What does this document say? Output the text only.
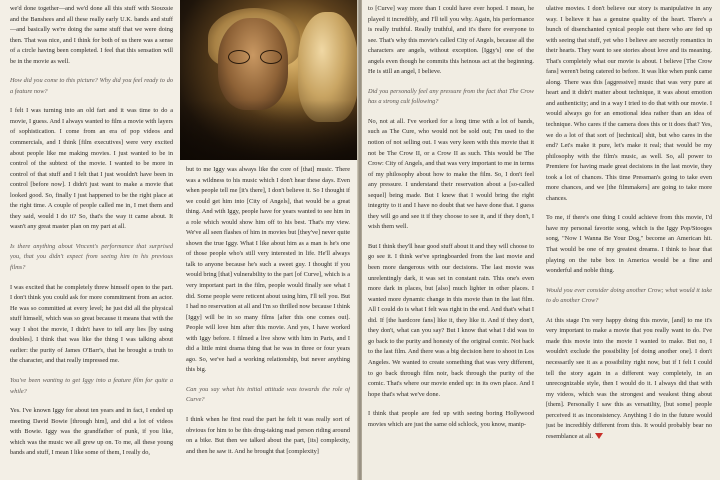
we'd done together—and we'd done all this stuff with Siouxsie and the Banshees and all these really early U.K. bands and stuff—and basically we're doing the same stuff that we were doing then. That was nice, and I think for both of us there was a sense of a circle having been completed. I feel that this sensation will be in the movie as well.

How did you come to this picture? Why did you feel ready to do a feature now?

I felt I was turning into an old fart and it was time to do a movie, I guess. And I always wanted to film a movie with layers of sophistication. I come from an era of pop videos and commercials, and I think [film executives] were very excited about people like me making movies. I just wanted to be in control of the subtext of the movie. I wanted to be more in control of that stuff and I felt that I just wouldn't have been in control [before now]. I didn't just want to make a movie that looked good. So, finally I just happened to be the right place at the right time. A couple of people called me in, I met them and they said, would I do it? So, that's the way it came about. It wasn't any great master plan on my part at all.

Is there anything about Vincent's performance that surprised you, that you didn't expect from seeing him in his previous films?

I was excited that he completely threw himself open to the part. I don't think you could ask for more commitment from an actor. He was so committed at every level; he just did all the physical stuff himself, which was so great because it means that with the way I shot the movie, I didn't have to tell any lies [by using doubles]. I think that was like the thing I was talking about earlier: the purity of James O'Barr's, that he brought a truth to the character, and that really impressed me.

You've been wanting to get Iggy into a feature film for quite a while?

Yes. I've known Iggy for about ten years and in fact, I ended up meeting David Bowie [through him], and did a lot of videos with Bowie. Iggy was the grandfather of punk, if you like, which was the music we all grew up on. To me, all these young bands and stuff, I mean I like some of them, I really do,

but to me Iggy was always like the core of [that] music. There was a wildness to his music which I don't hear these days. Even when people tell me [it's there], I don't believe it. So I thought if we could get him into [City of Angels], that would be a great thing. And with Iggy, people have for years wanted to see him in a role which would show him off to his best. That's my view. We've all seen flashes of him in movies but [they've] never quite shown the true Iggy. What I like about him as a man is he's one of those people who's still very interested in life. He'll always talk to anyone because he's such a sweet guy. I thought if you would bring [that] vulnerability to the part [of Curve], which is a very important part in the film, people would finally see what I did. Some people were reticent about using him, I'll tell you. But I had no reservation at all and I'm so thrilled now because I think [Iggy] will be in so many films [after this one comes out]. People will love him after this movie. And yes, I have worked with Iggy before. I filmed a live show with him in Paris, and I did a little mini drama thing that he was in three or four years ago. So, we've had a working relationship, but never anything this big.

Can you say what his initial attitude was towards the role of Curve?

I think when he first read the part he felt it was really sort of obvious for him to be this drug-taking mad person riding around on a bike. But then we talked about the part, [its] complexity, and then he saw it. And he brought that [complexity]

to [Curve] way more than I could have ever hoped. I mean, he played it incredibly, and I'll tell you why. Again, his performance is really truthful. Really truthful, and it's there for everyone to see. That's why this movie's called City of Angels, because all the characters are angels, without exception. [Iggy's] one of the angels even though he commits this heinous act at the beginning. He is still an angel, I believe.

Did you personally feel any pressure from the fact that The Crow has a strong cult following?

No, not at all. I've worked for a long time with a lot of bands, such as The Cure, who would not be sold out; I'm used to the notion of not selling out. I was very keen with this movie that it not be The Crow II, or a Crow II as such. This would be The Crow: City of Angels, and that was very important to me in terms of my philosophy about how to make the film. So, I don't feel any pressure. I understand their reservation about a [so-called sequel] being made. But I knew that I would bring the right integrity to it and I have no doubt that we have done that. I guess they will go and see it if they choose to see it, and if they don't, I wish them well.

But I think they'll hear good stuff about it and they will choose to go see it. I think we've springboarded from the last movie and been more dangerous with our decisions. The last movie was unrelentingly dark, it was set in constant rain. This one's even more dark in places, but [also] much lighter in other places. I wanted more dynamic change in this movie than in the last film. All I could do is what I felt was right in the end. And that's what I did. If [the hardcore fans] like it, they like it. And if they don't, they don't, what can you say? But I know that what I did was to go back to the purity and honesty of the original comic. Not back to the last film. And there was a big decision here to shoot in Los Angeles. We wanted to create something that was very different, to go back through film noir, back through the purity of the comic. That's where our movie ended up: in its own place. And I hope that's what we've done.

I think that people are fed up with seeing boring Hollywood movies which are just the same old schlock, you know, manip-

ulative movies. I don't believe our story is manipulative in any way. I believe it has a genuine quality of the heart. There's a bunch of disenchanted cynical people out there who are fed up with seeing that stuff, yet who I believe are secretly romantics in their hearts. They want to see stories about love and its meaning. That's completely what our movie is about. I believe [The Crow fans] weren't being catered to before. It was like when punk came along. There was this [aggressive] music that was very pure at heart and it didn't matter about technique, it was about emotion and authenticity; and in a way I tried to do that with our movie. I would always go for an emotional idea rather than an idea of technique. Who cares if the camera does this or it does that? Yes, we do a lot of that sort of [technical] shit, but who cares in the end? Let's make it pure, let's make it real; that would be my philosophy with the film's music, as well. So, all power to Premiere for having made great decisions in the last movie, they took a lot of chances. This time Pressman's going to take even more chances, and we [the filmmakers] are going to take more chances.

To me, if there's one thing I could achieve from this movie, I'd have my personal favorite song, which is the Iggy Pop/Stooges song, "Now I Wanna Be Your Dog," become an American hit. That would be one of my greatest dreams. I think to hear that playing on the tube box in America would be a fine and wonderful and noble thing.

Would you ever consider doing another Crow; what would it take to do another Crow?

At this stage I'm very happy doing this movie, [and] to me it's very important to make a movie that you really want to do. I've made this movie into the movie I wanted to make. But no, I wouldn't exclude the possibility [of doing another one]. I don't necessarily see it as a possibility right now, but if I felt I could tell the story again in a different way completely, in an unrecognizable style, then I would do it. I always did that with my videos, which was the strongest and weakest thing about [them]. Personally I saw this as versatility, [but some] people perceived it as inconsistency. Anything I do in the future would just be incredibly different from this. It would probably bear no resemblance at all.
